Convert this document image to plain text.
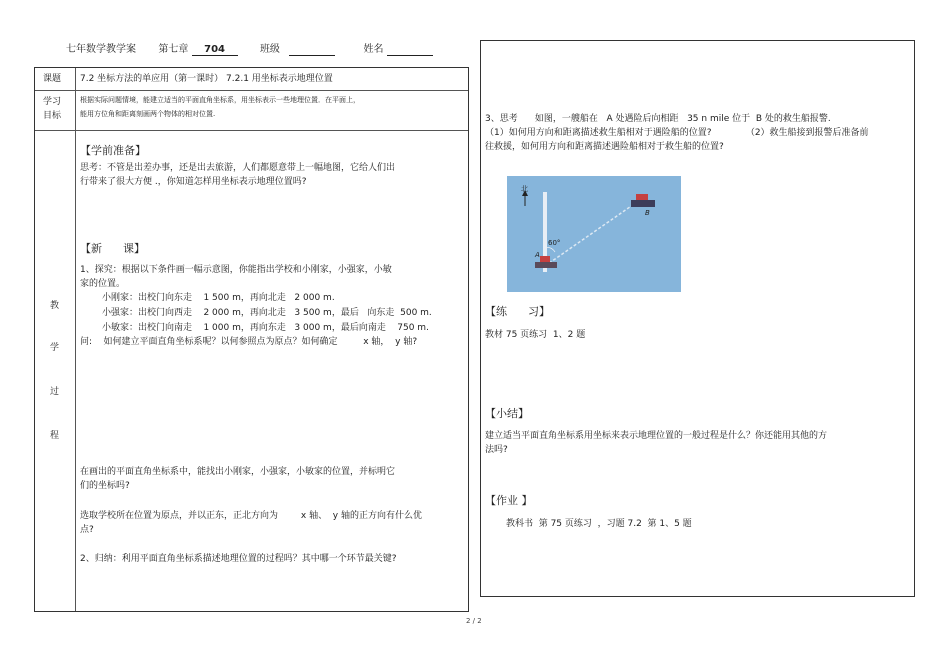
七年数学教学案 第七章 704	班级	姓名
课题 7.2 坐标方法的单应用（第一课时） 7.2.1 用坐标表示地理位置
学习
目标
根据实际问题情境，能建立适当的平面直角坐标系，用坐标表示一些地理位置．在平面上，
能用方位角和距离刻画两个物体的相对位置.
教
学
过
程
【学前准备】
思考：不管是出差办事，还是出去旅游，人们都愿意带上一幅地图，它给人们出
行带来了很大方便 .，你知道怎样用坐标表示地理位置吗?
【新      课】
1、探究：根据以下条件画一幅示意图，你能指出学校和小刚家，小强家，小敏
家的位置。
小刚家：出校门向东走    1 500 m，再向北走   2 000 m.
小强家：出校门向西走    2 000 m，再向北走   3 500 m，最后   向东走  500 m.
小敏家：出校门向南走    1 000 m，再向东走   3 000 m，最后向南走    750 m.
问:    如何建立平面直角坐标系呢？以何参照点为原点？如何确定         x 轴，  y 轴?
在画出的平面直角坐标系中，能找出小刚家，小强家，小敏家的位置，并标明它
们的坐标吗?
选取学校所在位置为原点，并以正东，正北方向为        x 轴、  y 轴的正方向有什么优
点?
2、归纳：利用平面直角坐标系描述地理位置的过程吗？其中哪一个环节最关键?
3、思考      如图，一艘船在   A 处遇险后向相距   35 n mile 位于  B 处的救生船报警.
（1）如何用方向和距离描述救生船相对于遇险船的位置?            （2）救生船接到报警后准备前
往救援，如何用方向和距离描述遇险船相对于救生船的位置?
北
60°
A
B
【练      习】
教材 75 页练习  1、2 题
【小结】
建立适当平面直角坐标系用坐标来表示地理位置的一般过程是什么？你还能用其他的方
法吗?
【作业 】
教科书  第 75 页练习  ，习题 7.2  第 1、5 题
2 / 2
